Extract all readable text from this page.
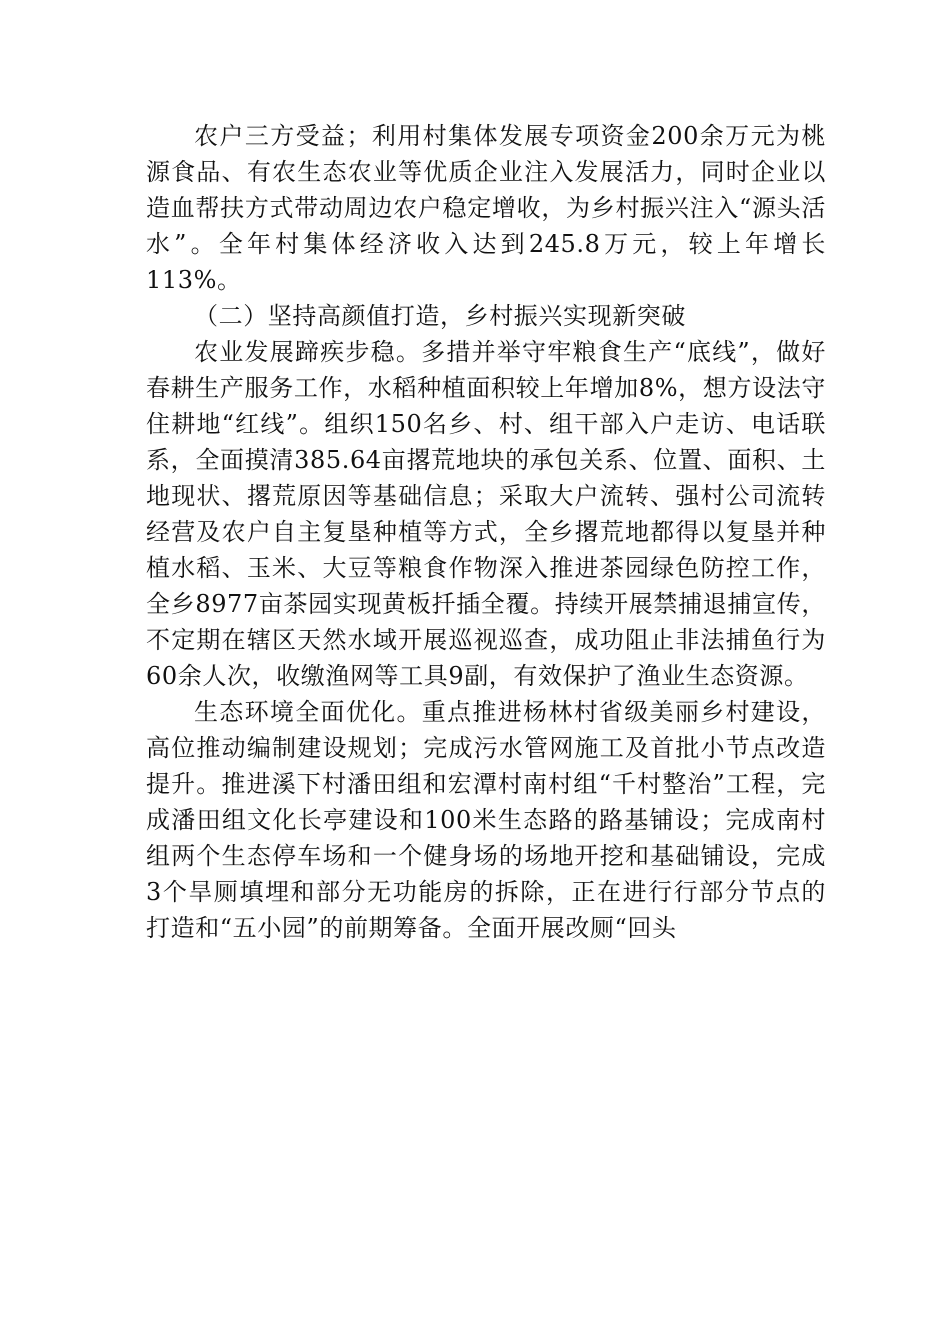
农户三方受益；利用村集体发展专项资金200余万元为桃源食品、有农生态农业等优质企业注入发展活力，同时企业以造血帮扶方式带动周边农户稳定增收，为乡村振兴注入“源头活水”。全年村集体经济收入达到245.8万元，较上年增长113%。

（二）坚持高颜值打造，乡村振兴实现新突破

农业发展蹄疾步稳。多措并举守牢粮食生产“底线”，做好春耕生产服务工作，水稻种植面积较上年增加8%，想方设法守住耕地“红线”。组织150名乡、村、组干部入户走访、电话联系，全面摸清385.64亩撂荒地块的承包关系、位置、面积、土地现状、撂荒原因等基础信息；采取大户流转、强村公司流转经营及农户自主复垦种植等方式，全乡撂荒地都得以复垦并种植水稻、玉米、大豆等粮食作物深入推进茶园绿色防控工作，全乡8977亩茶园实现黄板扦插全覆。持续开展禁捕退捕宣传，不定期在辖区天然水域开展巡视巡查，成功阻止非法捕鱼行为60余人次，收缴渔网等工具9副，有效保护了渔业生态资源。

生态环境全面优化。重点推进杨林村省级美丽乡村建设，高位推动编制建设规划；完成污水管网施工及首批小节点改造提升。推进溪下村潘田组和宏潭村南村组“千村整治”工程，完成潘田组文化长亭建设和100米生态路的路基铺设；完成南村组两个生态停车场和一个健身场的场地开挖和基础铺设，完成3个旱厕填埋和部分无功能房的拆除，正在进行行部分节点的打造和“五小园”的前期筹备。全面开展改厕“回头
